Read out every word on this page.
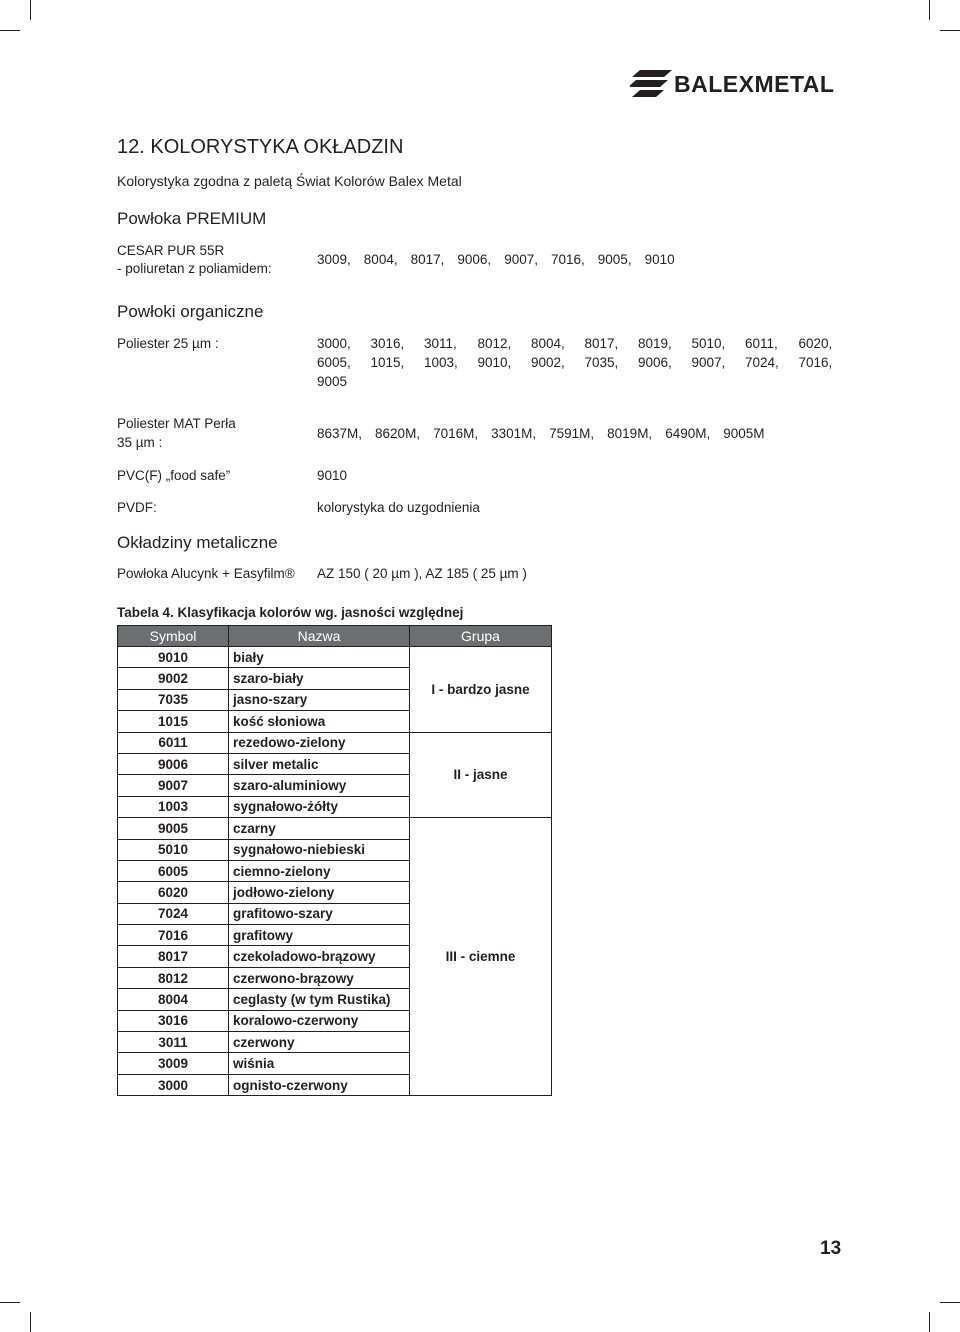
BALEXMETAL
12. KOLORYSTYKA OKŁADZIN
Kolorystyka zgodna z paletą Świat Kolorów Balex Metal
Powłoka PREMIUM
CESAR PUR 55R
- poliuretan z poliamidem:
3009, 8004, 8017, 9006, 9007, 7016, 9005, 9010
Powłoki organiczne
Poliester 25 µm :	3000,	3016,	3011,	8012,	8004,	8017,	8019,	5010,	6011,	6020,
6005,	1015,	1003,	9010,	9002,	7035,	9006,	9007,	7024,	7016,
9005
Poliester MAT Perła
35 µm :
8637M, 8620M, 7016M, 3301M, 7591M, 8019M, 6490M, 9005M
PVC(F) „food safe”	9010
PVDF:	kolorystyka do uzgodnienia
Okładziny metaliczne
Powłoka Alucynk + Easyfilm® AZ 150 ( 20 µm ), AZ 185 ( 25 µm )
Tabela 4. Klasyfikacja kolorów wg. jasności względnej
Symbol	Nazwa	Grupa
9010	biały	I - bardzo jasne
9002	szaro-biały	
7035	jasno-szary	
1015	kość słoniowa	
6011	rezedowo-zielony	II - jasne
9006	silver metalic	
9007	szaro-aluminiowy	
1003	sygnałowo-żółty	
9005	czarny	III - ciemne
5010	sygnałowo-niebieski	
6005	ciemno-zielony	
6020	jodłowo-zielony	
7024	grafitowo-szary	
7016	grafitowy	
8017	czekoladowo-brązowy	
8012	czerwono-brązowy	
8004	ceglasty (w tym Rustika)	
3016	koralowo-czerwony	
3011	czerwony	
3009	wiśnia	
3000	ognisto-czerwony	
13
